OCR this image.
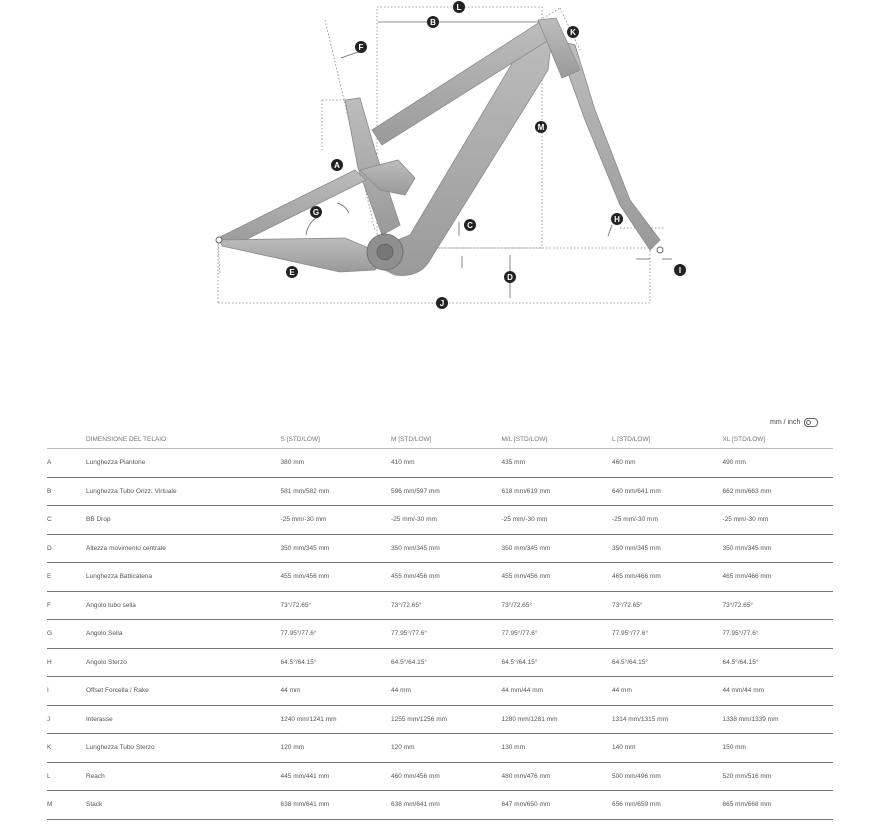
A
B
C
D
E
F
G
H
I
J
K
L
M
mm / inch
	DIMENSIONE DEL TELAIO	S [STD/LOW]	M [STD/LOW]	M/L [STD/LOW]	L [STD/LOW]	XL [STD/LOW]
A	Lunghezza Piantone	380 mm	410 mm	435 mm	460 mm	490 mm
B	Lunghezza Tubo Orizz. Virtuale	581 mm/582 mm	596 mm/597 mm	618 mm/619 mm	640 mm/641 mm	662 mm/663 mm
C	BB Drop	-25 mm/-30 mm	-25 mm/-30 mm	-25 mm/-30 mm	-25 mm/-30 mm	-25 mm/-30 mm
D	Altezza movimento centrale	350 mm/345 mm	350 mm/345 mm	350 mm/345 mm	350 mm/345 mm	350 mm/345 mm
E	Lunghezza Batticatena	455 mm/456 mm	455 mm/456 mm	455 mm/456 mm	465 mm/466 mm	465 mm/466 mm
F	Angolo tubo sella	73°/72.65°	73°/72.65°	73°/72.65°	73°/72.65°	73°/72.65°
G	Angolo Sella	77.95°/77.6°	77.95°/77.6°	77.95°/77.6°	77.95°/77.6°	77.95°/77.6°
H	Angolo Sterzo	64.5°/64.15°	64.5°/64.15°	64.5°/64.15°	64.5°/64.15°	64.5°/64.15°
I	Offset Forcella / Rake	44 mm	44 mm	44 mm/44 mm	44 mm	44 mm/44 mm
J	Interasse	1240 mm/1241 mm	1255 mm/1256 mm	1280 mm/1281 mm	1314 mm/1315 mm	1338 mm/1339 mm
K	Lunghezza Tubo Sterzo	120 mm	120 mm	130 mm	140 mm	150 mm
L	Reach	445 mm/441 mm	460 mm/456 mm	480 mm/476 mm	500 mm/496 mm	520 mm/516 mm
M	Stack	638 mm/641 mm	638 mm/641 mm	647 mm/650 mm	656 mm/659 mm	665 mm/668 mm
